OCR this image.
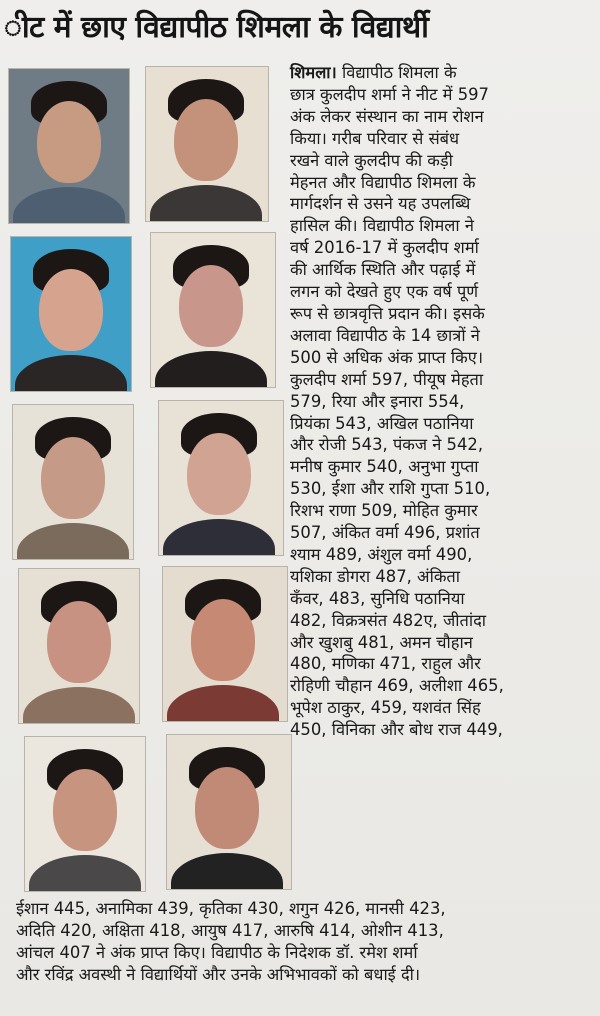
ीट में छाए विद्यापीठ शिमला के विद्यार्थी
शिमला। विद्यापीठ शिमला के
छात्र कुलदीप शर्मा ने नीट में 597
अंक लेकर संस्थान का नाम रोशन
किया। गरीब परिवार से संबंध
रखने वाले कुलदीप की कड़ी
मेहनत और विद्यापीठ शिमला के
मार्गदर्शन से उसने यह उपलब्धि
हासिल की। विद्यापीठ शिमला ने
वर्ष 2016-17 में कुलदीप शर्मा
की आर्थिक स्थिति और पढ़ाई में
लगन को देखते हुए एक वर्ष पूर्ण
रूप से छात्रवृत्ति प्रदान की। इसके
अलावा विद्यापीठ के 14 छात्रों ने
500 से अधिक अंक प्राप्त किए।
कुलदीप शर्मा 597, पीयूष मेहता
579, रिया और इनारा 554,
प्रियंका 543, अखिल पठानिया
और रोजी 543, पंकज ने 542,
मनीष कुमार 540, अनुभा गुप्ता
530, ईशा और राशि गुप्ता 510,
रिशभ राणा 509, मोहित कुमार
507, अंकित वर्मा 496, प्रशांत
श्याम 489, अंशुल वर्मा 490,
यशिका डोगरा 487, अंकिता
कँवर, 483, सुनिधि पठानिया
482, विक्रत्रसंत 482ए, जीतांदा
और खुशबु 481, अमन चौहान
480, मणिका 471, राहुल और
रोहिणी चौहान 469, अलीशा 465,
भूपेश ठाकुर, 459, यशवंत सिंह
450, विनिका और बोध राज 449,
ईशान 445, अनामिका 439, कृतिका 430, शगुन 426, मानसी 423,
अदिति 420, अक्षिता 418, आयुष 417, आरुषि 414, ओशीन 413,
आंचल 407 ने अंक प्राप्त किए। विद्यापीठ के निदेशक डॉ. रमेश शर्मा
और रविंद्र अवस्थी ने विद्यार्थियों और उनके अभिभावकों को बधाई दी।
